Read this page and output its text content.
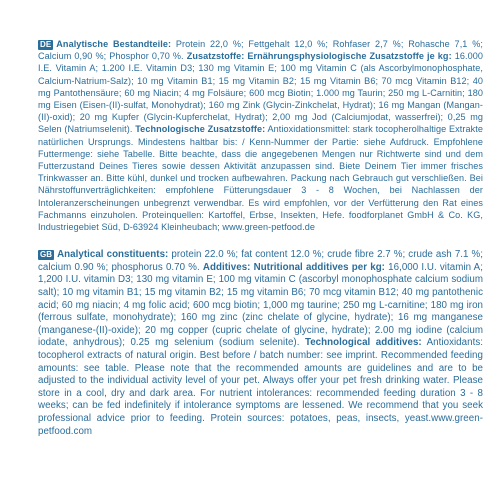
DE Analytische Bestandteile: Protein 22,0 %; Fettgehalt 12,0 %; Rohfaser 2,7 %; Rohasche 7,1 %; Calcium 0,90 %; Phosphor 0,70 %. Zusatzstoffe: Ernährungsphysiologische Zusatzstoffe je kg: 16.000 I.E. Vitamin A; 1.200 I.E. Vitamin D3; 130 mg Vitamin E; 100 mg Vitamin C (als Ascorbylmonophosphate, Calcium-Natrium-Salz); 10 mg Vitamin B1; 15 mg Vitamin B2; 15 mg Vitamin B6; 70 mcg Vitamin B12; 40 mg Pantothensäure; 60 mg Niacin; 4 mg Folsäure; 600 mcg Biotin; 1.000 mg Taurin; 250 mg L-Carnitin; 180 mg Eisen (Eisen-(II)-sulfat, Monohydrat); 160 mg Zink (Glycin-Zinkchelat, Hydrat); 16 mg Mangan (Mangan-(II)-oxid); 20 mg Kupfer (Glycin-Kupferchelat, Hydrat); 2,00 mg Jod (Calciumjodat, wasserfrei); 0,25 mg Selen (Natriumselenit). Technologische Zusatzstoffe: Antioxidationsmittel: stark tocopherolhaltige Extrakte natürlichen Ursprungs. Mindestens haltbar bis: / Kenn-Nummer der Partie: siehe Aufdruck. Empfohlene Futtermenge: siehe Tabelle. Bitte beachte, dass die angegebenen Mengen nur Richtwerte sind und dem Futterzustand Deines Tieres sowie dessen Aktivität anzupassen sind. Biete Deinem Tier immer frisches Trinkwasser an. Bitte kühl, dunkel und trocken aufbewahren. Packung nach Gebrauch gut verschließen. Bei Nährstoffunverträglichkeiten: empfohlene Fütterungsdauer 3 - 8 Wochen, bei Nachlassen der Intoleranzerscheinungen unbegrenzt verwendbar. Es wird empfohlen, vor der Verfütterung den Rat eines Fachmanns einzuholen. Proteinquellen: Kartoffel, Erbse, Insekten, Hefe. foodforplanet GmbH & Co. KG, Industriegebiet Süd, D-63924 Kleinheubach; www.green-petfood.de
GB Analytical constituents: protein 22.0 %; fat content 12.0 %; crude fibre 2.7 %; crude ash 7.1 %; calcium 0.90 %; phosphorus 0.70 %. Additives: Nutritional additives per kg: 16,000 I.U. vitamin A; 1,200 I.U. vitamin D3; 130 mg vitamin E; 100 mg vitamin C (ascorbyl monophosphate calcium sodium salt); 10 mg vitamin B1; 15 mg vitamin B2; 15 mg vitamin B6; 70 mcg vitamin B12; 40 mg pantothenic acid; 60 mg niacin; 4 mg folic acid; 600 mcg biotin; 1,000 mg taurine; 250 mg L-carnitine; 180 mg iron (ferrous sulfate, monohydrate); 160 mg zinc (zinc chelate of glycine, hydrate); 16 mg manganese (manganese-(II)-oxide); 20 mg copper (cupric chelate of glycine, hydrate); 2.00 mg iodine (calcium iodate, anhydrous); 0.25 mg selenium (sodium selenite). Technological additives: Antioxidants: tocopherol extracts of natural origin. Best before / batch number: see imprint. Recommended feeding amounts: see table. Please note that the recommended amounts are guidelines and are to be adjusted to the individual activity level of your pet. Always offer your pet fresh drinking water. Please store in a cool, dry and dark area. For nutrient intolerances: recommended feeding duration 3 - 8 weeks; can be fed indefinitely if intolerance symptoms are lessened. We recommend that you seek professional advice prior to feeding. Protein sources: potatoes, peas, insects, yeast.www.green-petfood.com
